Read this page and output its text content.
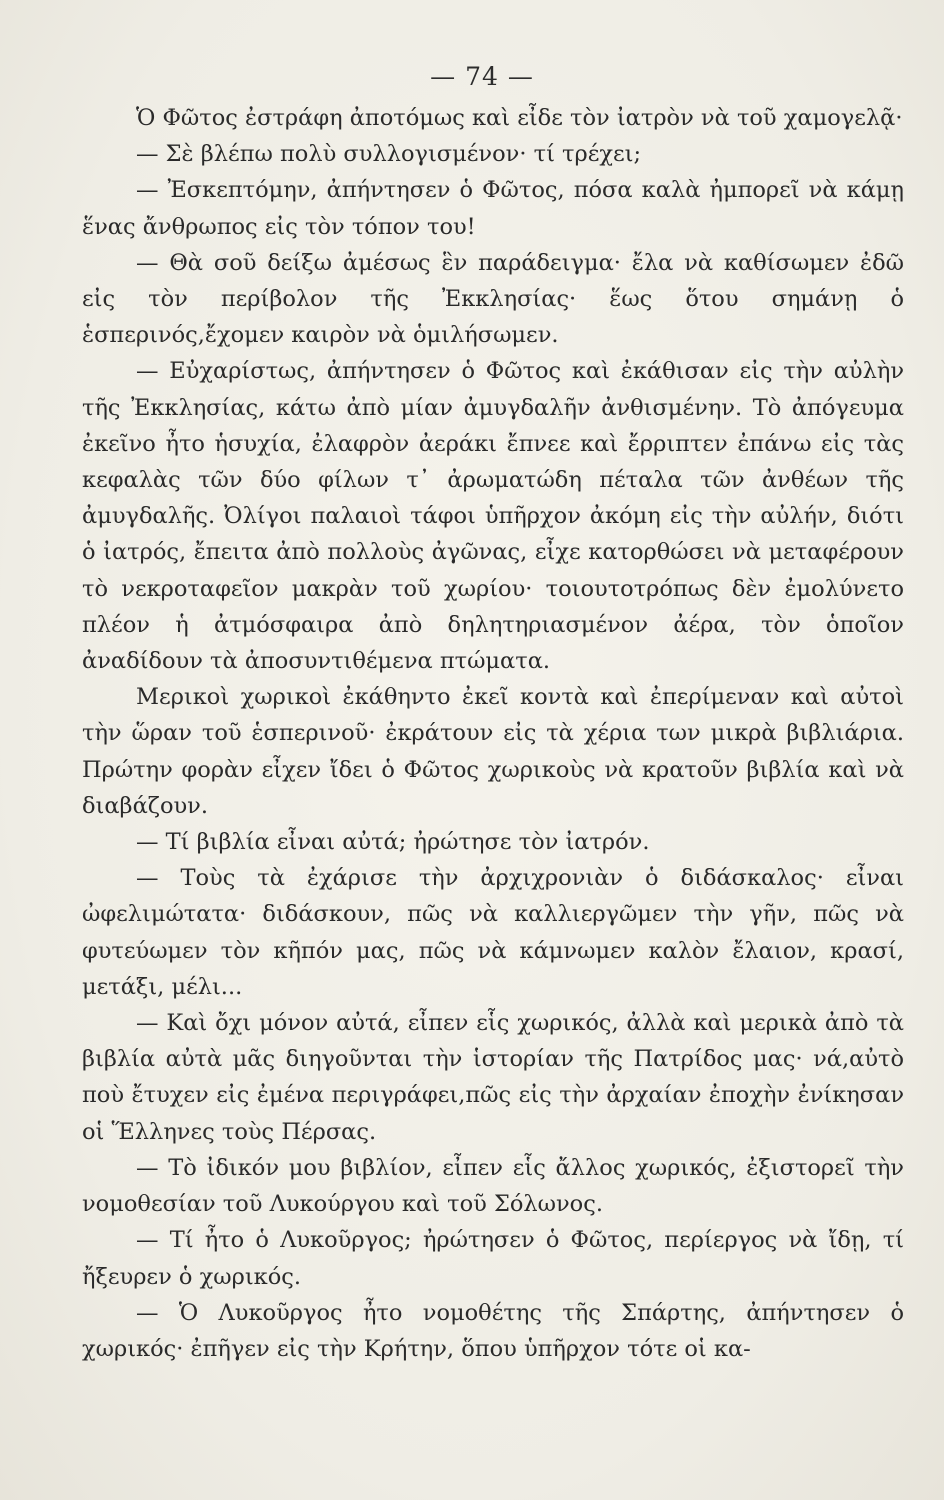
— 74 —

Ὁ Φῶτος ἐστράφη ἀποτόμως καὶ εἶδε τὸν ἰατρὸν νὰ τοῦ χαμογελᾷ·

— Σὲ βλέπω πολὺ συλλογισμένον· τί τρέχει;

— Ἐσκεπτόμην, ἀπήντησεν ὁ Φῶτος, πόσα καλὰ ἠμπορεῖ νὰ κάμῃ ἕνας ἄνθρωπος εἰς τὸν τόπον του!

— Θὰ σοῦ δείξω ἀμέσως ἓν παράδειγμα· ἔλα νὰ καθίσωμεν ἐδῶ εἰς τὸν περίβολον τῆς Ἐκκλησίας· ἕως ὅτου σημάνῃ ὁ ἑσπερινός,ἔχομεν καιρὸν νὰ ὁμιλήσωμεν.

— Εὐχαρίστως, ἀπήντησεν ὁ Φῶτος καὶ ἐκάθισαν εἰς τὴν αὐλὴν τῆς Ἐκκλησίας, κάτω ἀπὸ μίαν ἀμυγδαλῆν ἀνθισμένην. Τὸ ἀπόγευμα ἐκεῖνο ἦτο ἡσυχία, ἐλαφρὸν ἀεράκι ἔπνεε καὶ ἔρριπτεν ἐπάνω εἰς τὰς κεφαλὰς τῶν δύο φίλων τ᾽ ἀρωματώδη πέταλα τῶν ἀνθέων τῆς ἀμυγδαλῆς. Ὀλίγοι παλαιοὶ τάφοι ὑπῆρχον ἀκόμη εἰς τὴν αὐλήν, διότι ὁ ἰατρός, ἔπειτα ἀπὸ πολλοὺς ἀγῶνας, εἶχε κατορθώσει νὰ μεταφέρουν τὸ νεκροταφεῖον μακρὰν τοῦ χωρίου· τοιουτοτρόπως δὲν ἐμολύνετο πλέον ἡ ἀτμόσφαιρα ἀπὸ δηλητηριασμένον ἀέρα, τὸν ὁποῖον ἀναδίδουν τὰ ἀποσυντιθέμενα πτώματα.

Μερικοὶ χωρικοὶ ἐκάθηντο ἐκεῖ κοντὰ καὶ ἐπερίμεναν καὶ αὐτοὶ τὴν ὥραν τοῦ ἑσπερινοῦ· ἐκράτουν εἰς τὰ χέρια των μικρὰ βιβλιάρια. Πρώτην φορὰν εἶχεν ἴδει ὁ Φῶτος χωρικοὺς νὰ κρατοῦν βιβλία καὶ νὰ διαβάζουν.

— Τί βιβλία εἶναι αὐτά; ἠρώτησε τὸν ἰατρόν.

— Τοὺς τὰ ἐχάρισε τὴν ἀρχιχρονιὰν ὁ διδάσκαλος· εἶναι ὠφελιμώτατα· διδάσκουν, πῶς νὰ καλλιεργῶμεν τὴν γῆν, πῶς νὰ φυτεύωμεν τὸν κῆπόν μας, πῶς νὰ κάμνωμεν καλὸν ἔλαιον, κρασί, μετάξι, μέλι...

— Καὶ ὄχι μόνον αὐτά, εἶπεν εἷς χωρικός, ἀλλὰ καὶ μερικὰ ἀπὸ τὰ βιβλία αὐτὰ μᾶς διηγοῦνται τὴν ἱστορίαν τῆς Πατρίδος μας· νά,αὐτὸ ποὺ ἔτυχεν εἰς ἐμένα περιγράφει,πῶς εἰς τὴν ἀρχαίαν ἐποχὴν ἐνίκησαν οἱ Ἕλληνες τοὺς Πέρσας.

— Τὸ ἰδικόν μου βιβλίον, εἶπεν εἷς ἄλλος χωρικός, ἐξιστορεῖ τὴν νομοθεσίαν τοῦ Λυκούργου καὶ τοῦ Σόλωνος.

— Τί ἦτο ὁ Λυκοῦργος; ἠρώτησεν ὁ Φῶτος, περίεργος νὰ ἴδῃ, τί ἤξευρεν ὁ χωρικός.

— Ὁ Λυκοῦργος ἦτο νομοθέτης τῆς Σπάρτης, ἀπήντησεν ὁ χωρικός· ἐπῆγεν εἰς τὴν Κρήτην, ὅπου ὑπῆρχον τότε οἱ κα-
